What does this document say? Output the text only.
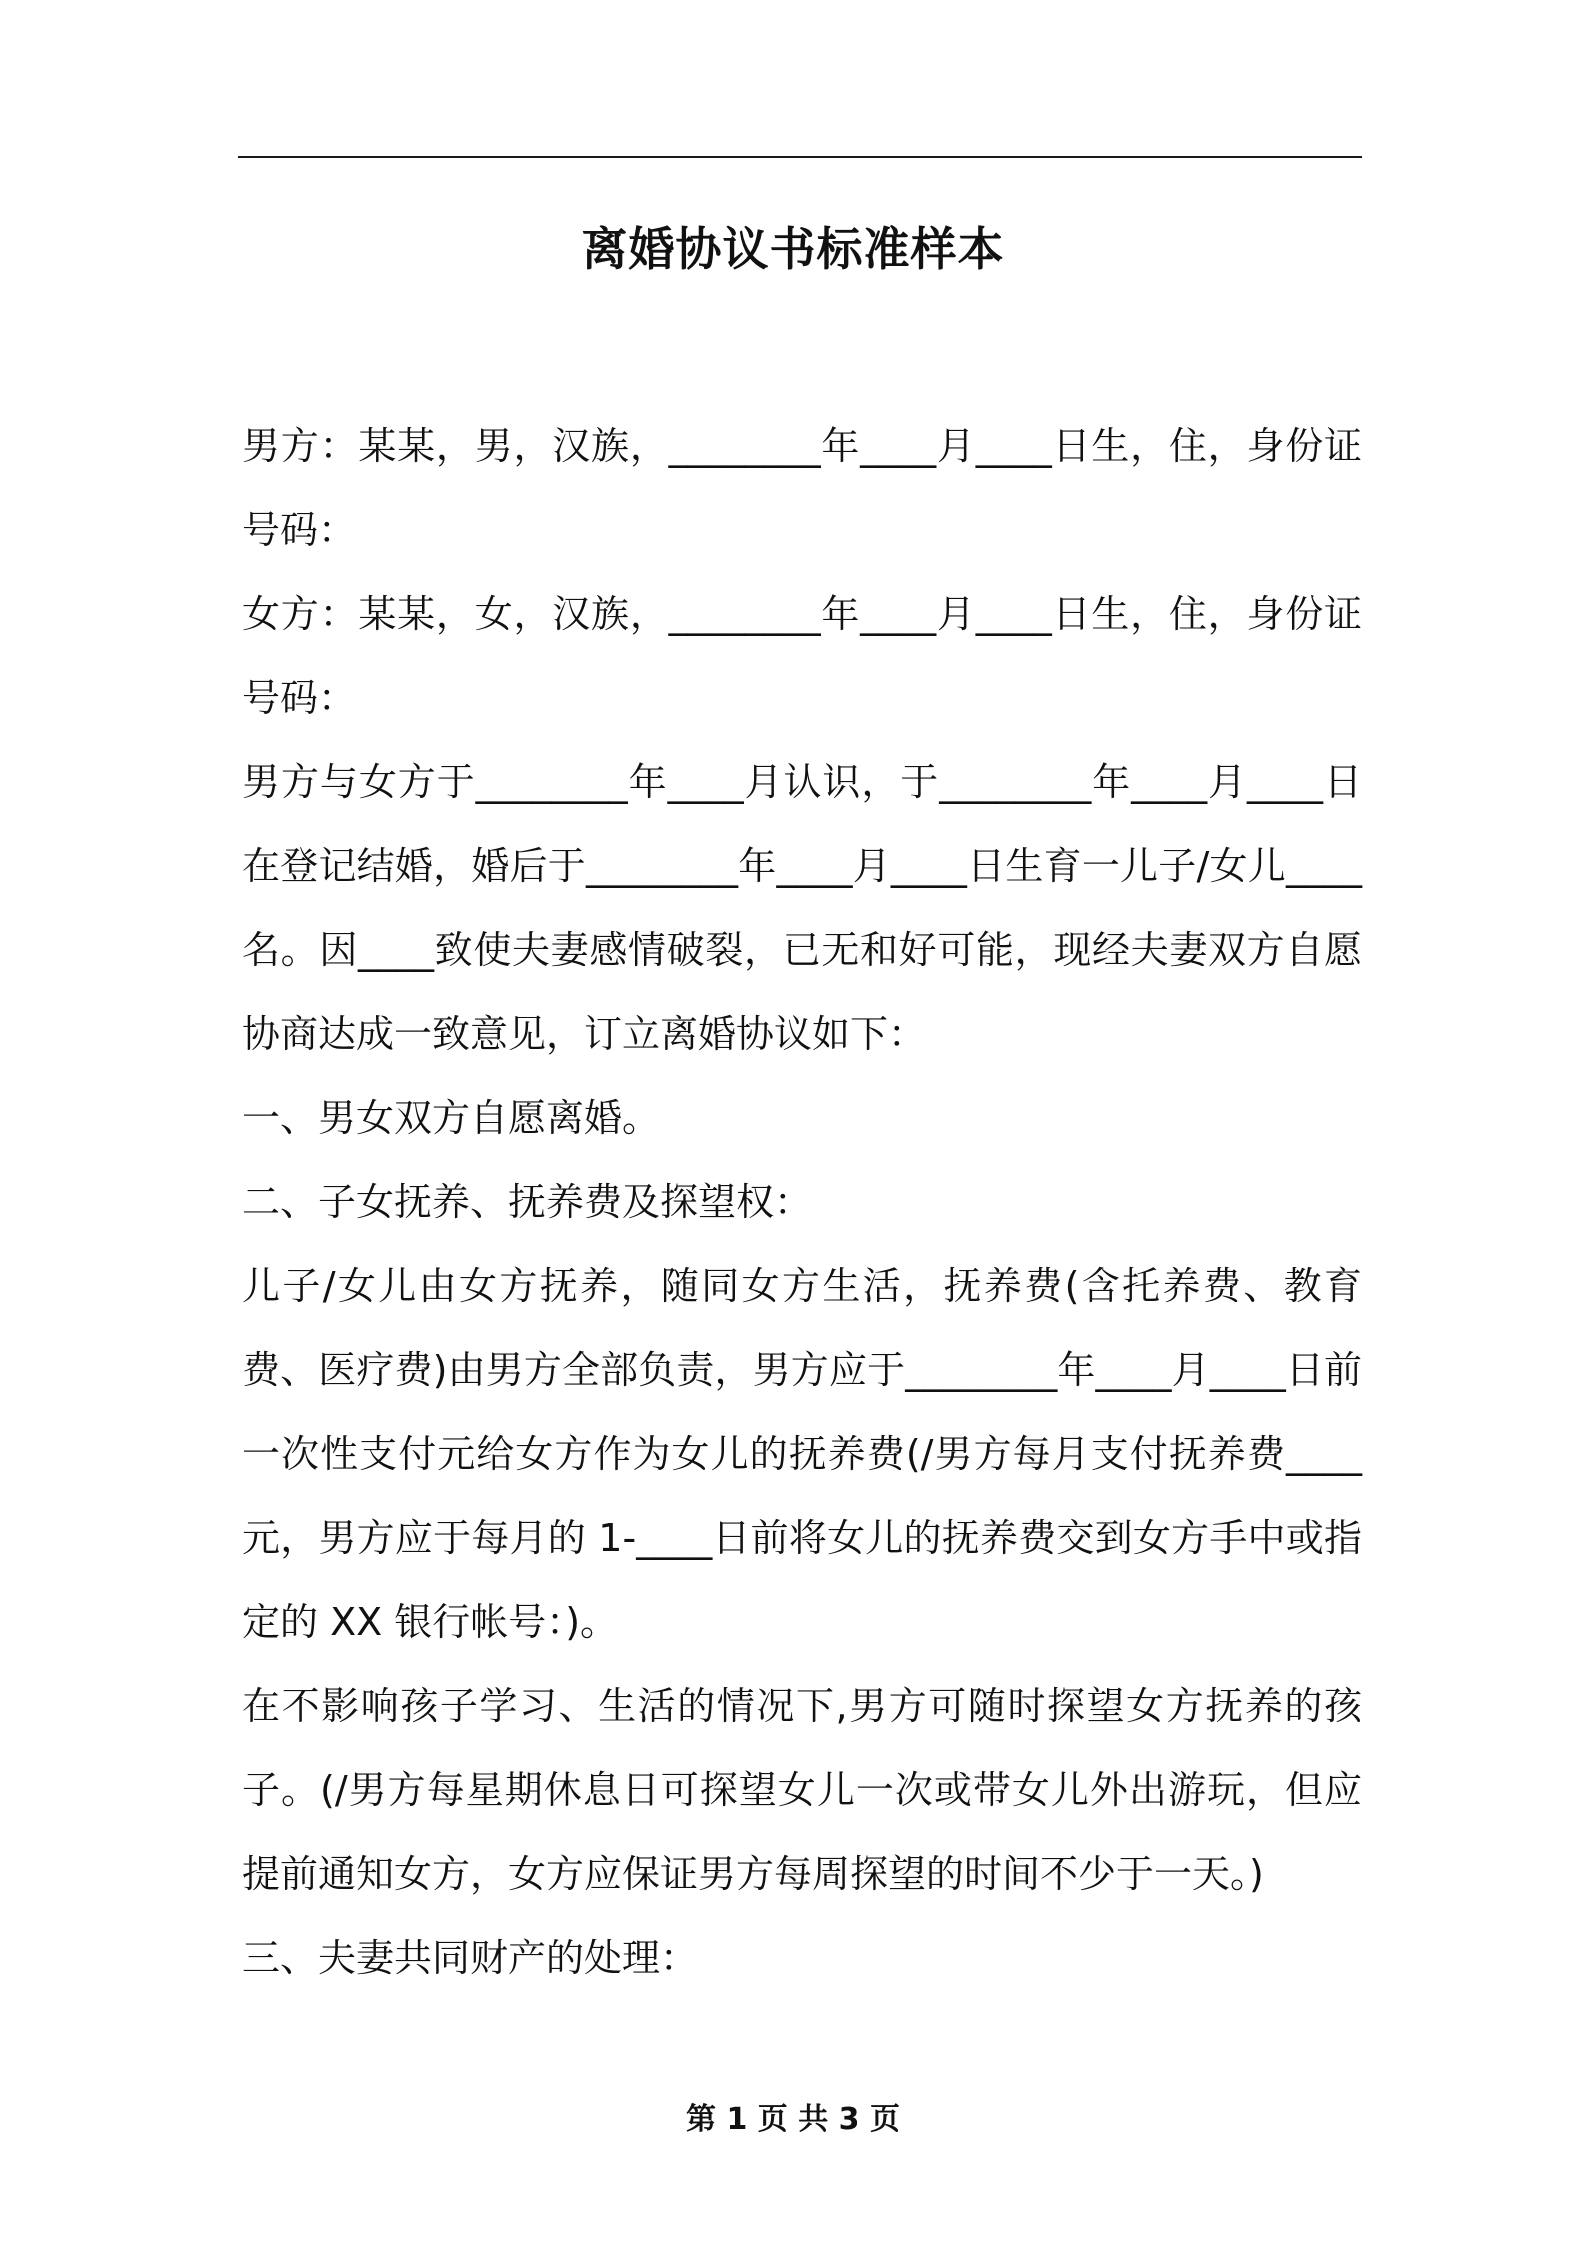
离婚协议书标准样本

男方：某某，男，汉族，________年____月____日生，住，身份证号码：

女方：某某，女，汉族，________年____月____日生，住，身份证号码：

男方与女方于________年____月认识，于________年____月____日在登记结婚，婚后于________年____月____日生育一儿子/女儿____名。因____致使夫妻感情破裂，已无和好可能，现经夫妻双方自愿协商达成一致意见，订立离婚协议如下：

一、男女双方自愿离婚。

二、子女抚养、抚养费及探望权：

儿子/女儿由女方抚养，随同女方生活，抚养费(含托养费、教育费、医疗费)由男方全部负责，男方应于________年____月____日前一次性支付元给女方作为女儿的抚养费(/男方每月支付抚养费____元，男方应于每月的 1-____日前将女儿的抚养费交到女方手中或指定的 XX 银行帐号：)。

在不影响孩子学习、生活的情况下,男方可随时探望女方抚养的孩子。(/男方每星期休息日可探望女儿一次或带女儿外出游玩，但应提前通知女方，女方应保证男方每周探望的时间不少于一天。)

三、夫妻共同财产的处理：

第 1 页 共 3 页
